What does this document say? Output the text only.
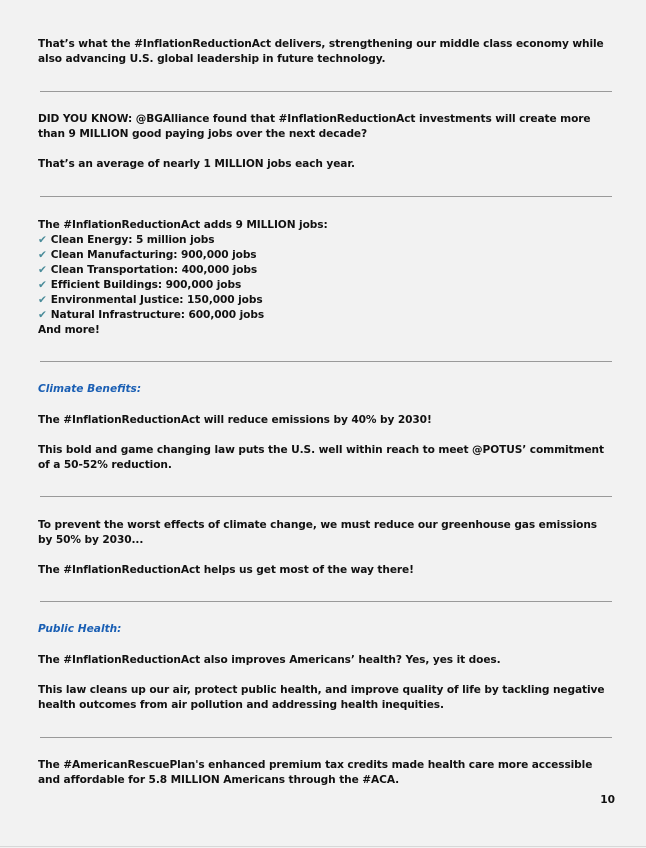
That’s what the #InflationReductionAct delivers, strengthening our middle class economy while also advancing U.S. global leadership in future technology.

DID YOU KNOW: @BGAlliance found that #InflationReductionAct investments will create more than 9 MILLION good paying jobs over the next decade?

That’s an average of nearly 1 MILLION jobs each year.

The #InflationReductionAct adds 9 MILLION jobs:

✔ Clean Energy: 5 million jobs

✔ Clean Manufacturing: 900,000 jobs

✔ Clean Transportation: 400,000 jobs

✔ Efficient Buildings: 900,000 jobs

✔ Environmental Justice: 150,000 jobs

✔ Natural Infrastructure: 600,000 jobs

And more!

Climate Benefits:

The #InflationReductionAct will reduce emissions by 40% by 2030!

This bold and game changing law puts the U.S. well within reach to meet @POTUS’ commitment of a 50-52% reduction.

To prevent the worst effects of climate change, we must reduce our greenhouse gas emissions by 50% by 2030...

The #InflationReductionAct helps us get most of the way there!

Public Health:

The #InflationReductionAct also improves Americans’ health? Yes, yes it does.

This law cleans up our air, protect public health, and improve quality of life by tackling negative health outcomes from air pollution and addressing health inequities.

The #AmericanRescuePlan's enhanced premium tax credits made health care more accessible and affordable for 5.8 MILLION Americans through the #ACA.

10
